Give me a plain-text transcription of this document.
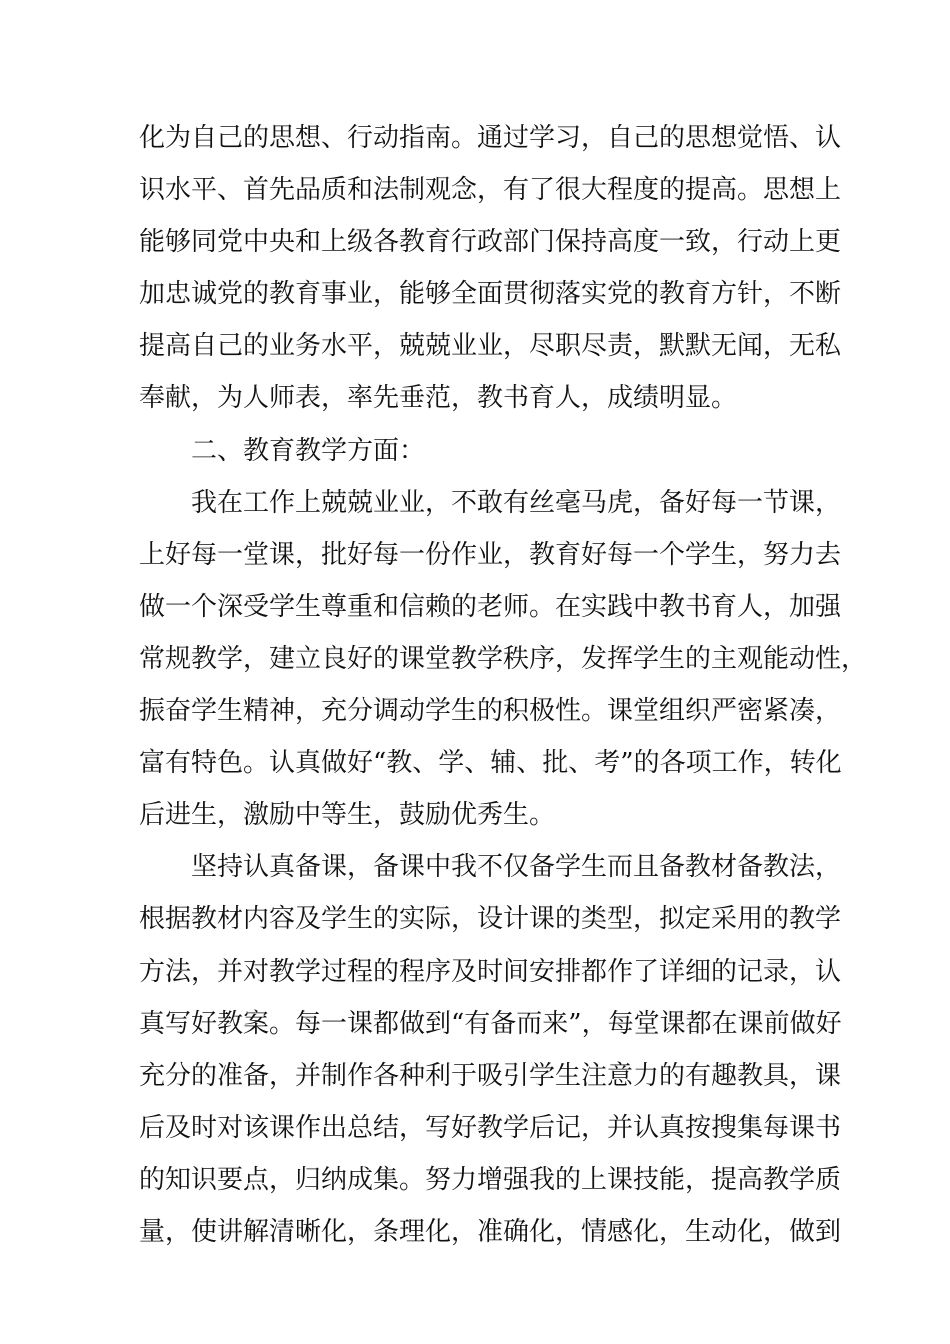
化为自己的思想、行动指南。通过学习，自己的思想觉悟、认
识水平、首先品质和法制观念，有了很大程度的提高。思想上
能够同党中央和上级各教育行政部门保持高度一致，行动上更
加忠诚党的教育事业，能够全面贯彻落实党的教育方针，不断
提高自己的业务水平，兢兢业业，尽职尽责，默默无闻，无私
奉献，为人师表，率先垂范，教书育人，成绩明显。
二、教育教学方面：
我在工作上兢兢业业，不敢有丝毫马虎，备好每一节课，
上好每一堂课，批好每一份作业，教育好每一个学生，努力去
做一个深受学生尊重和信赖的老师。在实践中教书育人，加强
常规教学，建立良好的课堂教学秩序，发挥学生的主观能动性，
振奋学生精神，充分调动学生的积极性。课堂组织严密紧凑，
富有特色。认真做好“教、学、辅、批、考”的各项工作，转化
后进生，激励中等生，鼓励优秀生。
坚持认真备课，备课中我不仅备学生而且备教材备教法，
根据教材内容及学生的实际，设计课的类型，拟定采用的教学
方法，并对教学过程的程序及时间安排都作了详细的记录，认
真写好教案。每一课都做到“有备而来”，每堂课都在课前做好
充分的准备，并制作各种利于吸引学生注意力的有趣教具，课
后及时对该课作出总结，写好教学后记，并认真按搜集每课书
的知识要点，归纳成集。努力增强我的上课技能，提高教学质
量，使讲解清晰化，条理化，准确化，情感化，生动化，做到
